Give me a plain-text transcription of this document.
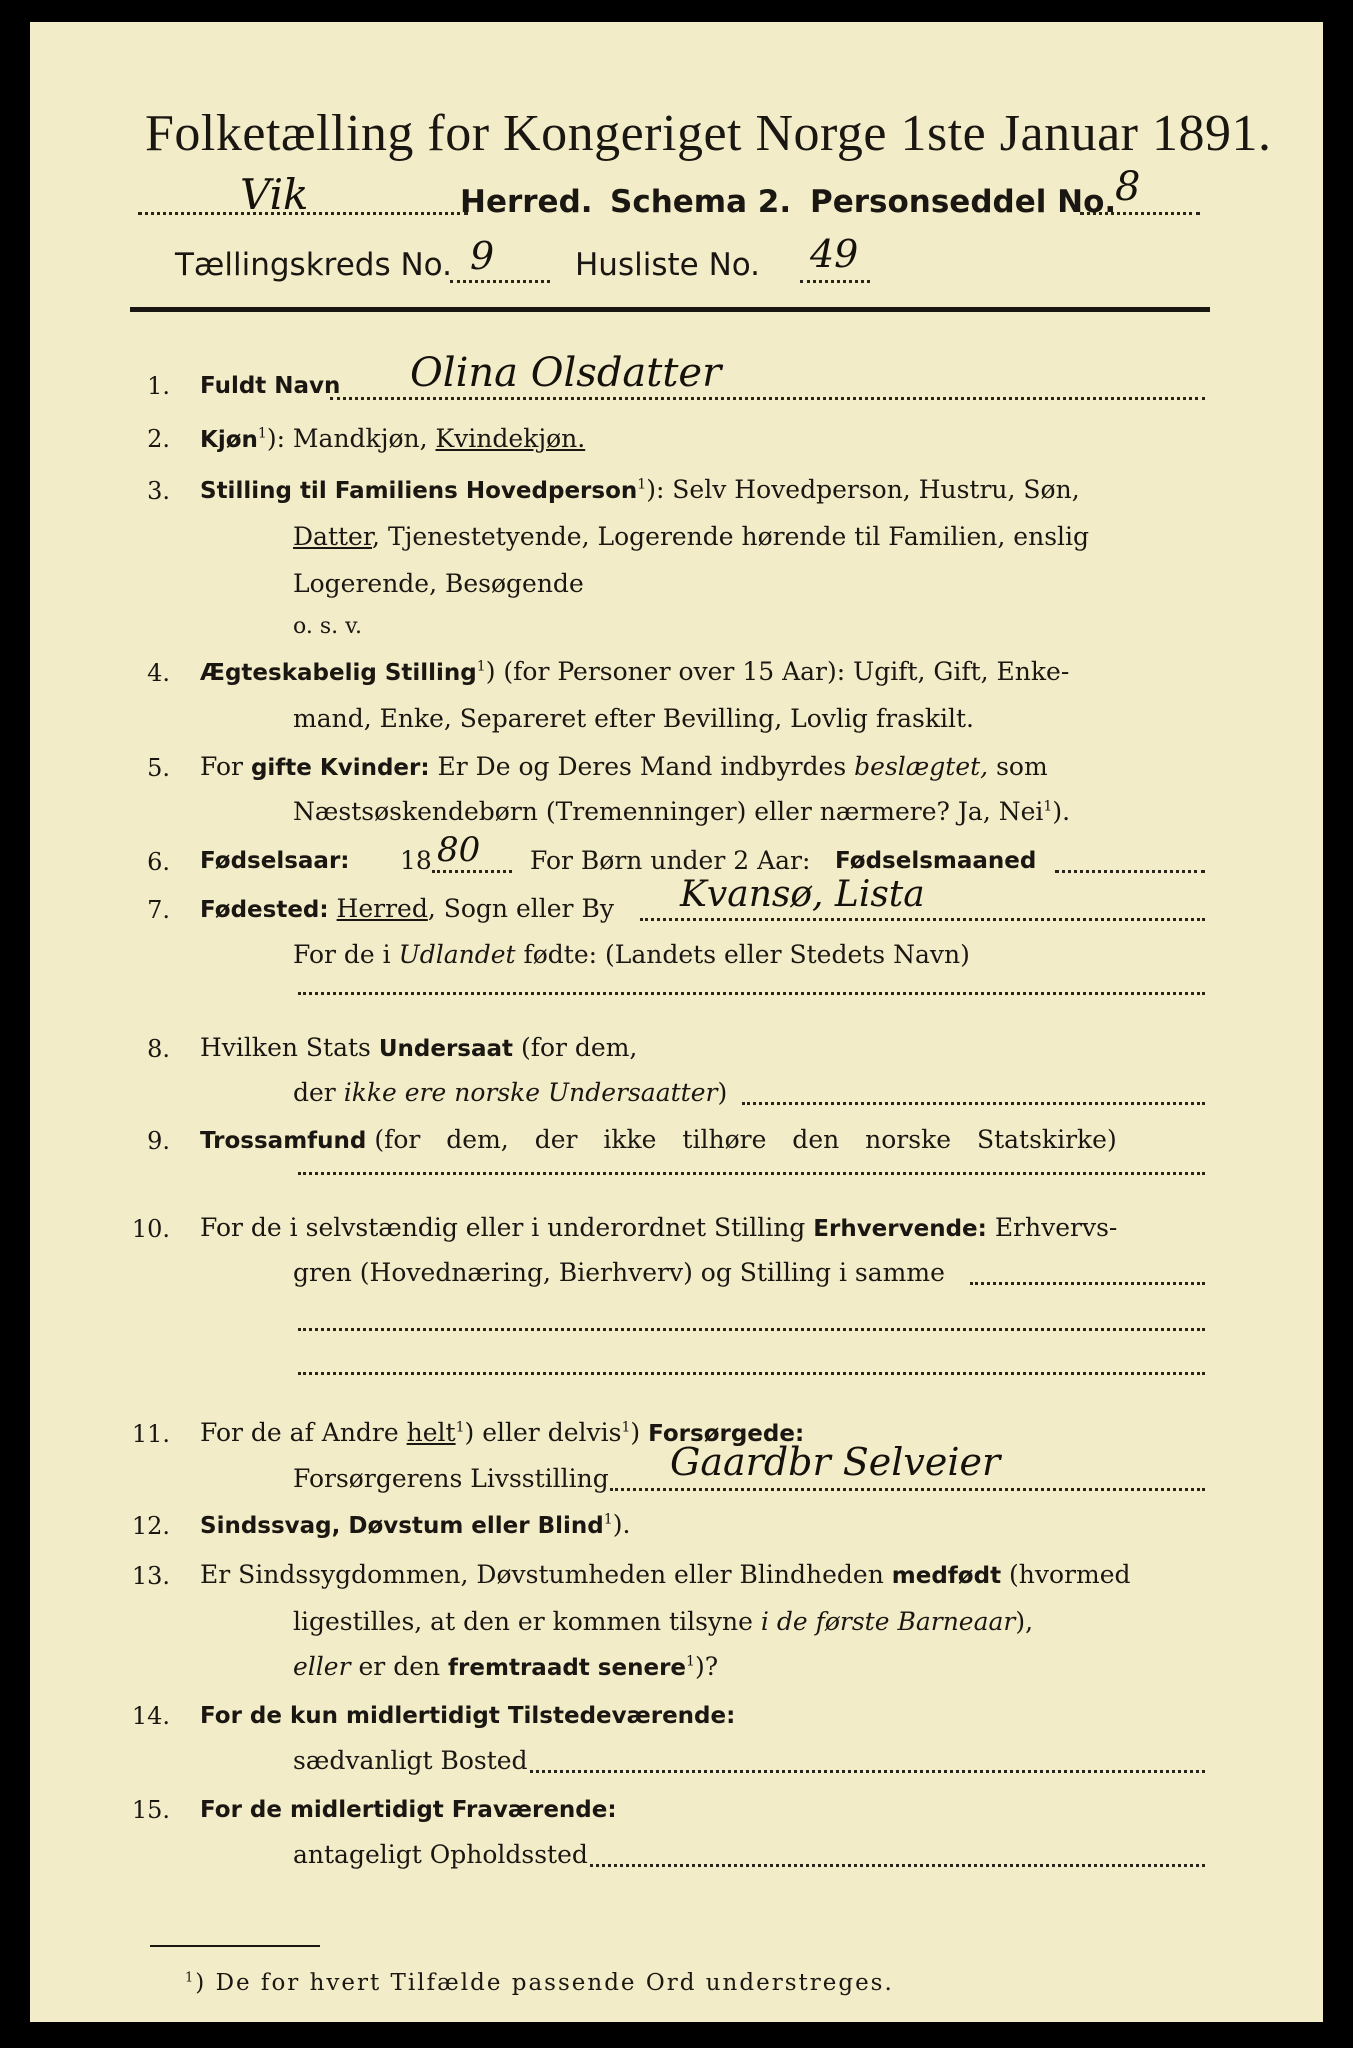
Folketælling for Kongeriget Norge 1ste Januar 1891.
Vik	Herred. Schema 2. Personseddel No.
8
Tællingskreds No. 9	Husliste No. 49
1. Fuldt Navn Olina Olsdatter
2. Kjøn$^1$): Mandkjøn, Kvindekjøn.
3. Stilling til Familiens Hovedperson$^1$): Selv Hovedperson, Hustru, Søn,
Datter, Tjenestetyende, Logerende hørende til Familien, enslig
Logerende, Besøgende
o. s. v.
4. Ægteskabelig Stilling$^1$) (for Personer over 15 Aar): Ugift, Gift, Enke-
mand, Enke, Separeret efter Bevilling, Lovlig fraskilt.
5. For gifte Kvinder: Er De og Deres Mand indbyrdes beslægtet, som
Næstsøskendebørn (Tremenninger) eller nærmere? Ja, Nei$^1$).
6. Fødselsaar: 18 80 For Børn under 2 Aar: Fødselsmaaned
7. Fødested: Herred, Sogn eller By Kvansø, Lista
For de i Udlandet fødte: (Landets eller Stedets Navn)
8. Hvilken Stats Undersaat (for dem,
der ikke ere norske Undersaatter)
9. Trossamfund (for dem, der ikke tilhøre den norske Statskirke)
10. For de i selvstændig eller i underordnet Stilling Erhvervende: Erhvervs-
gren (Hovednæring, Bierhverv) og Stilling i samme
11. For de af Andre helt$^1$) eller delvis$^1$) Forsørgede:
Forsørgerens Livsstilling Gaardbr Selveier
12. Sindssvag, Døvstum eller Blind$^1$).
13. Er Sindssygdommen, Døvstumheden eller Blindheden medfødt (hvormed
ligestilles, at den er kommen tilsyne i de første Barneaar),
eller er den fremtraadt senere$^1$)?
14. For de kun midlertidigt Tilstedeværende:
sædvanligt Bosted
15. For de midlertidigt Fraværende:
antageligt Opholdssted
$^1$) De for hvert Tilfælde passende Ord understreges.
